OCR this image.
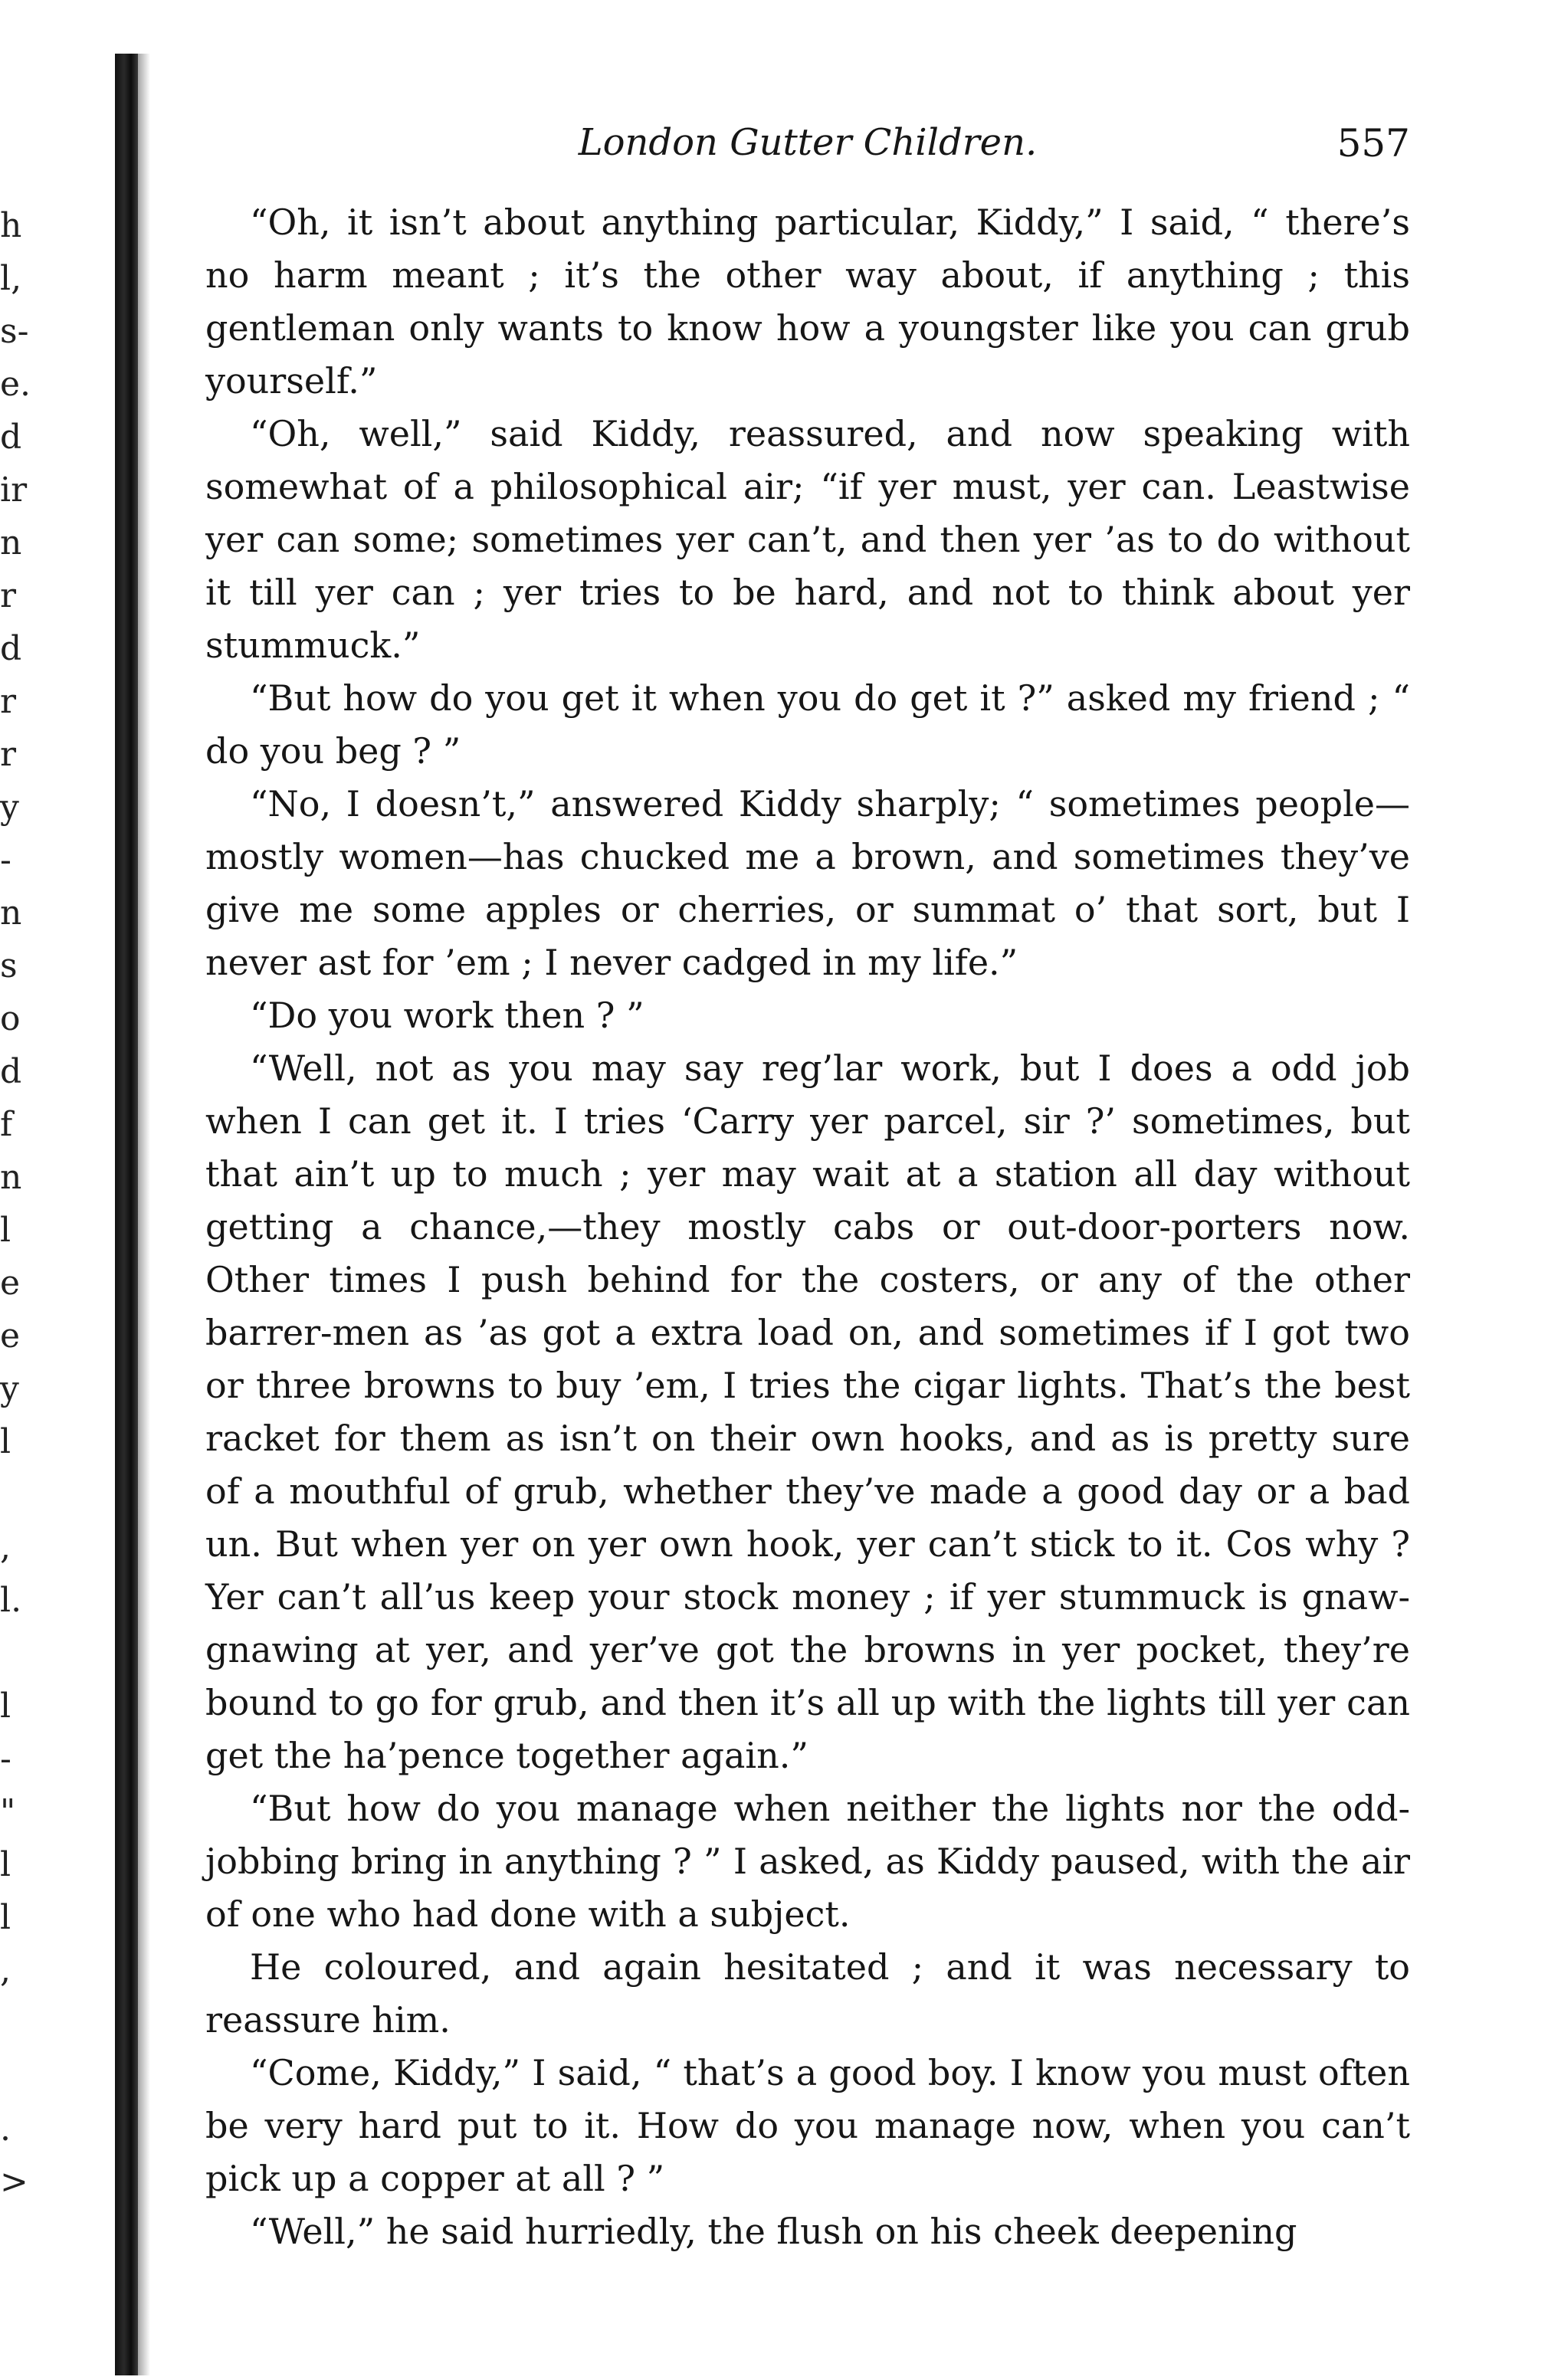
h
l,
s-
e.
d
ir
n
r
d
r
r
y
-
n
s
o
d
f
n
l
e
e
y
l
,
l.
l
-
"
l
l
,
.
>
London Gutter Children.	557

“Oh, it isn’t about anything particular, Kiddy,” I said, “ there’s no harm meant ; it’s the other way about, if anything ; this gentleman only wants to know how a youngster like you can grub yourself.”

“Oh, well,” said Kiddy, reassured, and now speaking with somewhat of a philosophical air; “if yer must, yer can. Leastwise yer can some; sometimes yer can’t, and then yer ’as to do without it till yer can ; yer tries to be hard, and not to think about yer stummuck.”

“But how do you get it when you do get it ?” asked my friend ; “ do you beg ? ”

“No, I doesn’t,” answered Kiddy sharply; “ sometimes people—mostly women—has chucked me a brown, and sometimes they’ve give me some apples or cherries, or summat o’ that sort, but I never ast for ’em ; I never cadged in my life.”

“Do you work then ? ”

“Well, not as you may say reg’lar work, but I does a odd job when I can get it. I tries ‘Carry yer parcel, sir ?’ sometimes, but that ain’t up to much ; yer may wait at a station all day without getting a chance,—they mostly cabs or out-door-porters now. Other times I push behind for the costers, or any of the other barrer-men as ’as got a extra load on, and sometimes if I got two or three browns to buy ’em, I tries the cigar lights. That’s the best racket for them as isn’t on their own hooks, and as is pretty sure of a mouthful of grub, whether they’ve made a good day or a bad un. But when yer on yer own hook, yer can’t stick to it. Cos why ? Yer can’t all’us keep your stock money ; if yer stummuck is gnaw-gnawing at yer, and yer’ve got the browns in yer pocket, they’re bound to go for grub, and then it’s all up with the lights till yer can get the ha’pence together again.”

“But how do you manage when neither the lights nor the odd-jobbing bring in anything ? ” I asked, as Kiddy paused, with the air of one who had done with a subject.

He coloured, and again hesitated ; and it was necessary to reassure him.

“Come, Kiddy,” I said, “ that’s a good boy. I know you must often be very hard put to it. How do you manage now, when you can’t pick up a copper at all ? ”

“Well,” he said hurriedly, the flush on his cheek deepening
